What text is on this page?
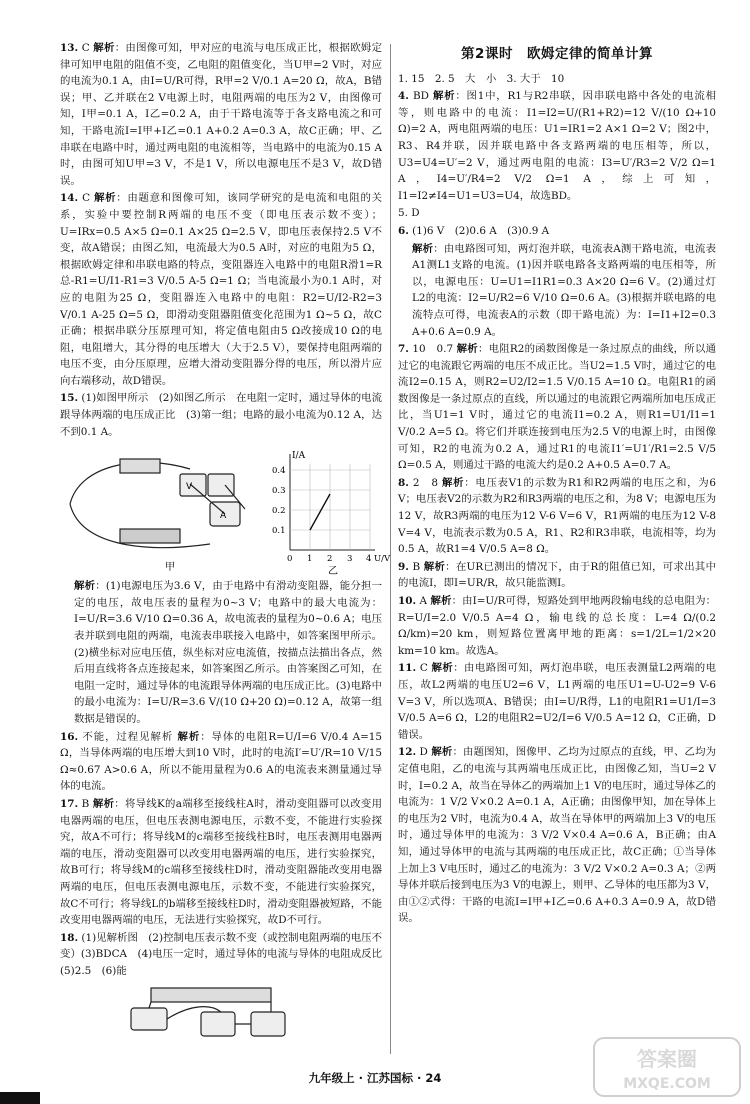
13. C 解析：由图像可知，甲对应的电流与电压成正比，根据欧姆定律可知甲电阻的阻值不变，乙电阻的阻值变化，当U甲=2 V时，对应的电流为0.1 A，由I=U/R可得，R甲=2 V/0.1 A=20 Ω，故A，B错误；甲、乙并联在2 V电源上时，电阻两端的电压为2 V，由图像可知，I甲=0.1 A，I乙=0.2 A，由于干路电流等于各支路电流之和可知，干路电流I=I甲+I乙=0.1 A+0.2 A=0.3 A，故C正确；甲、乙串联在电路中时，通过两电阻的电流相等，当电路中的电流为0.15 A时，由图可知U甲=3 V，不是1 V，所以电源电压不是3 V，故D错误。
14. C 解析：由题意和图像可知，该同学研究的是电流和电阻的关系，实验中要控制R两端的电压不变（即电压表示数不变）；U=IRx=0.5 A×5 Ω=0.1 A×25 Ω=2.5 V，即电压表保持2.5 V不变，故A错误；由图乙知，电流最大为0.5 A时，对应的电阻为5 Ω，根据欧姆定律和串联电路的特点，变阻器连入电路中的电阻R滑1=R总-R1=U/I1-R1=3 V/0.5 A-5 Ω=1 Ω；当电流最小为0.1 A时，对应的电阻为25 Ω，变阻器连入电路中的电阻：R2=U/I2-R2=3 V/0.1 A-25 Ω=5 Ω，即滑动变阻器阻值变化范围为1 Ω~5 Ω，故C正确；根据串联分压原理可知，将定值电阻由5 Ω改接成10 Ω的电阻，电阻增大，其分得的电压增大（大于2.5 V），要保持电阻两端的电压不变，由分压原理，应增大滑动变阻器分得的电压，所以滑片应向右端移动，故D错误。
15. (1)如图甲所示　(2)如图乙所示　在电阻一定时，通过导体的电流跟导体两端的电压成正比　(3)第一组；电路的最小电流为0.12 A，达不到0.1 A。
V
A
甲
I/A
0.4
0.3
0.2
0.1
0 1 2 3 4 U/V
乙
解析：(1)电源电压为3.6 V，由于电路中有滑动变阻器，能分担一定的电压，故电压表的量程为0~3 V；电路中的最大电流为：I=U/R=3.6 V/10 Ω=0.36 A，故电流表的量程为0~0.6 A；电压表并联到电阻的两端，电流表串联接入电路中，如答案图甲所示。(2)横坐标对应电压值，纵坐标对应电流值，按描点法描出各点，然后用直线将各点连接起来，如答案图乙所示。由答案图乙可知，在电阻一定时，通过导体的电流跟导体两端的电压成正比。(3)电路中的最小电流为：I=U/R=3.6 V/(10 Ω+20 Ω)=0.12 A，故第一组数据是错误的。
16. 不能，过程见解析 解析：导体的电阻R=U/I=6 V/0.4 A=15 Ω，当导体两端的电压增大到10 V时，此时的电流I′=U′/R=10 V/15 Ω≈0.67 A>0.6 A，所以不能用量程为0.6 A的电流表来测量通过导体的电流。
17. B 解析：将导线K的a端移至接线柱A时，滑动变阻器可以改变用电器两端的电压，但电压表测电源电压，示数不变，不能进行实验探究，故A不可行；将导线M的c端移至接线柱B时，电压表测用电器两端的电压，滑动变阻器可以改变用电器两端的电压，进行实验探究，故B可行；将导线M的c端移至接线柱D时，滑动变阻器能改变用电器两端的电压，但电压表测电源电压，示数不变，不能进行实验探究，故C不可行；将导线L的b端移至接线柱D时，滑动变阻器被短路，不能改变用电器两端的电压，无法进行实验探究，故D不可行。
18. (1)见解析图　(2)控制电压表示数不变（或控制电阻两端的电压不变）(3)BDCA　(4)电压一定时，通过导体的电流与导体的电阻成反比　(5)2.5　(6)能
第2课时　欧姆定律的简单计算
1. 15　2. 5　大　小　3. 大于　10
4. BD 解析：图1中，R1与R2串联，因串联电路中各处的电流相等，则电路中的电流：I1=I2=U/(R1+R2)=12 V/(10 Ω+10 Ω)=2 A，两电阻两端的电压：U1=IR1=2 A×1 Ω=2 V；图2中，R3、R4并联，因并联电路中各支路两端的电压相等，所以，U3=U4=U′=2 V，通过两电阻的电流：I3=U′/R3=2 V/2 Ω=1 A，I4=U′/R4=2 V/2 Ω=1 A，综上可知，I1=I2≠I4=U1=U3=U4，故选BD。
5. D
6. (1)6 V　(2)0.6 A　(3)0.9 A
解析：由电路图可知，两灯泡并联，电流表A测干路电流，电流表A1测L1支路的电流。(1)因并联电路各支路两端的电压相等，所以，电源电压：U=U1=I1R1=0.3 A×20 Ω=6 V。(2)通过灯L2的电流：I2=U/R2=6 V/10 Ω=0.6 A。(3)根据并联电路的电流特点可得，电流表A的示数（即干路电流）为：I=I1+I2=0.3 A+0.6 A=0.9 A。
7. 10　0.7 解析：电阻R2的函数图像是一条过原点的曲线，所以通过它的电流跟它两端的电压不成正比。当U2=1.5 V时，通过它的电流I2=0.15 A，则R2=U2/I2=1.5 V/0.15 A=10 Ω。电阻R1的函数图像是一条过原点的直线，所以通过的电流跟它两端所加电压成正比，当U1=1 V时，通过它的电流I1=0.2 A，则R1=U1/I1=1 V/0.2 A=5 Ω。将它们并联连接到电压为2.5 V的电源上时，由图像可知，R2的电流为0.2 A，通过R1的电流I1′=U1′/R1=2.5 V/5 Ω=0.5 A，则通过干路的电流大约是0.2 A+0.5 A=0.7 A。
8. 2　8 解析：电压表V1的示数为R1和R2两端的电压之和，为6 V；电压表V2的示数为R2和R3两端的电压之和，为8 V；电源电压为12 V，故R3两端的电压为12 V-6 V=6 V，R1两端的电压为12 V-8 V=4 V，电流表示数为0.5 A，R1、R2和R3串联，电流相等，均为0.5 A，故R1=4 V/0.5 A=8 Ω。
9. B 解析：在UR已测出的情况下，由于R的阻值已知，可求出其中的电流I，即I=UR/R，故只能监测I。
10. A 解析：由I=U/R可得，短路处到甲地两段输电线的总电阻为：R=U/I=2.0 V/0.5 A=4 Ω，输电线的总长度：L=4 Ω/(0.2 Ω/km)=20 km，则短路位置离甲地的距离：s=1/2L=1/2×20 km=10 km。故选A。
11. C 解析：由电路图可知，两灯泡串联，电压表测量L2两端的电压，故L2两端的电压U2=6 V，L1两端的电压U1=U-U2=9 V-6 V=3 V，所以选项A、B错误；由I=U/R得，L1的电阻R1=U1/I=3 V/0.5 A=6 Ω，L2的电阻R2=U2/I=6 V/0.5 A=12 Ω，C正确，D错误。
12. D 解析：由题图知，图像甲、乙均为过原点的直线，甲、乙均为定值电阻，乙的电流与其两端电压成正比，由图像乙知，当U=2 V时，I=0.2 A，故当在导体乙的两端加上1 V的电压时，通过导体乙的电流为：1 V/2 V×0.2 A=0.1 A，A正确；由图像甲知，加在导体上的电压为2 V时，电流为0.4 A，故当在导体甲的两端加上3 V的电压时，通过导体甲的电流为：3 V/2 V×0.4 A=0.6 A，B正确；由A知，通过导体甲的电流与其两端的电压成正比，故C正确；①当导体上加上3 V电压时，通过乙的电流为：3 V/2 V×0.2 A=0.3 A；②两导体并联后接到电压为3 V的电源上，则甲、乙导体的电压都为3 V，由①②式得：干路的电流I=I甲+I乙=0.6 A+0.3 A=0.9 A，故D错误。
九年级上 · 江苏国标 · 24
答案圈
MXQE.COM
